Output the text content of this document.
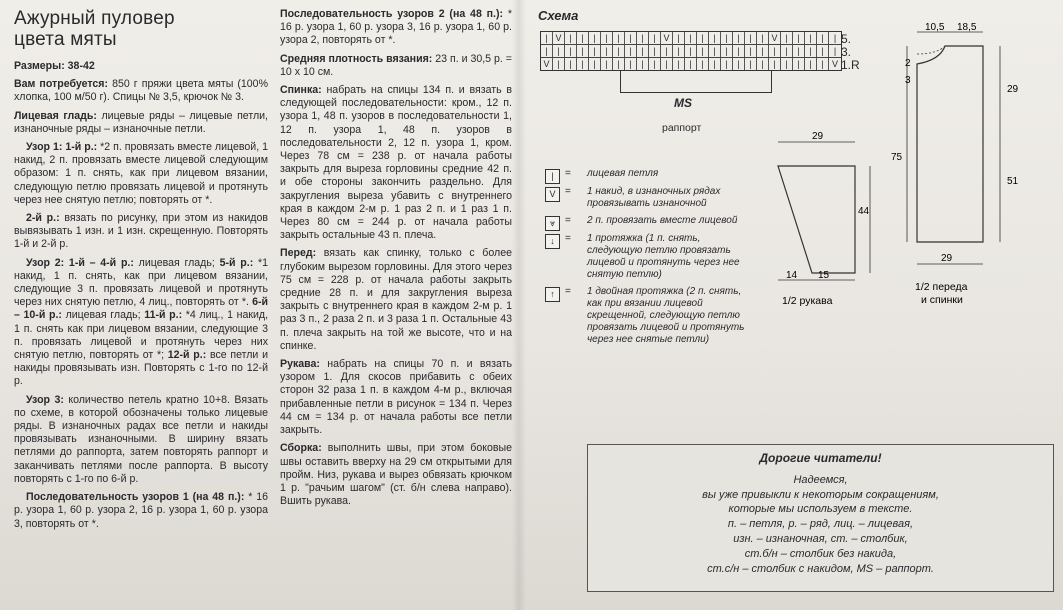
Ажурный пуловер
цвета мяты
Размеры: 38-42
Вам потребуется: 850 г пряжи цвета мяты (100% хлопка, 100 м/50 г). Спицы № 3,5, крючок № 3.
Лицевая гладь: лицевые ряды – лицевые петли, изнаночные ряды – изнаночные петли.
Узор 1: 1-й р.: *2 п. провязать вместе лицевой, 1 накид, 2 п. провязать вместе лицевой следующим образом: 1 п. снять, как при лицевом вязании, следующую петлю провязать лицевой и протянуть через нее снятую петлю; повторять от *.
2-й р.: вязать по рисунку, при этом из накидов вывязывать 1 изн. и 1 изн. скрещенную. Повторять 1-й и 2-й р.
Узор 2: 1-й – 4-й р.: лицевая гладь; 5-й р.: *1 накид, 1 п. снять, как при лицевом вязании, следующие 3 п. провязать лицевой и протянуть через них снятую петлю, 4 лиц., повторять от *. 6-й – 10-й р.: лицевая гладь; 11-й р.: *4 лиц., 1 накид, 1 п. снять как при лицевом вязании, следующие 3 п. провязать лицевой и протянуть через них снятую петлю, повторять от *; 12-й р.: все петли и накиды провязывать изн. Повторять с 1-го по 12-й р.
Узор 3: количество петель кратно 10+8. Вязать по схеме, в которой обозначены только лицевые ряды. В изнаночных радах все петли и накиды провязывать изнаночными. В ширину вязать петлями до раппорта, затем повторять раппорт и заканчивать петлями после раппорта. В высоту повторять с 1-го по 6-й р.
Последовательность узоров 1 (на 48 п.): * 16 р. узора 1, 60 р. узора 2, 16 р. узора 1, 60 р. узора 3, повторять от *.
Последовательность узоров 2 (на 48 п.): * 16 р. узора 1, 60 р. узора 3, 16 р. узора 1, 60 р. узора 2, повторять от *.
Средняя плотность вязания: 23 п. и 30,5 р. = 10 х 10 см.
Спинка: набрать на спицы 134 п. и вязать в следующей последовательности: кром., 12 п. узора 1, 48 п. узоров в последовательности 1, 12 п. узора 1, 48 п. узоров в последовательности 2, 12 п. узора 1, кром. Через 78 см = 238 р. от начала работы закрыть для выреза горловины средние 42 п. и обе стороны закончить раздельно. Для закругления выреза убавить с внутреннего края в каждом 2-м р. 1 раз 2 п. и 1 раз 1 п. Через 80 см = 244 р. от начала работы закрыть остальные 43 п. плеча.
Перед: вязать как спинку, только с более глубоким вырезом горловины. Для этого через 75 см = 228 р. от начала работы закрыть средние 28 п. и для закругления выреза закрыть с внутреннего края в каждом 2-м р. 1 раз 3 п., 2 раза 2 п. и 3 раза 1 п. Остальные 43 п. плеча закрыть на той же высоте, что и на спинке.
Рукава: набрать на спицы 70 п. и вязать узором 1. Для скосов прибавить с обеих сторон 32 раза 1 п. в каждом 4-м р., включая прибавленные петли в рисунок = 134 п. Через 44 см = 134 р. от начала работы все петли закрыть.
Сборка: выполнить швы, при этом боковые швы оставить вверху на 29 см открытыми для пройм. Низ, рукава и вырез обвязать крючком 1 р. "рачьим шагом" (ст. б/н слева направо). Вшить рукава.
Схема
| V |	|	|	|	|	|	|	| V |	|	|	|	|	|	|	| V |	|	|	|	|
|	|	|	|	|	|	|	|	|	|	|	|	|	|	|	|	|	|	|	|	|	|	|	|	|
V |	|	|	|	|	|	|	|	|	|	|	|	|	|	|	|	|	|	|	|	|	|	| V
5.
3.
1.R
MS
раппорт
|	= лицевая петля
V = 1 накид, в изнаночных рядах провязывать изнаночной
⩔ = 2 п. провязать вместе лицевой
↓	= 1 протяжка (1 п. снять, следующую петлю провязать лицевой и протянуть через нее снятую петлю)
↑	= 1 двойная протяжка (2 п. снять, как при вязании лицевой скрещенной, следующую петлю провязать лицевой и протянуть через нее снятые петли)
29
44
14 15
1/2 рукава
10,5 18,5
2
3
75
29
51
29
1/2 переда
и спинки
Дорогие читатели!
Надеемся,
вы уже привыкли к некоторым сокращениям,
которые мы используем в тексте.
п. – петля, р. – ряд, лиц. – лицевая,
изн. – изнаночная, ст. – столбик,
ст.б/н – столбик без накида,
ст.с/н – столбик с накидом, MS – раппорт.
